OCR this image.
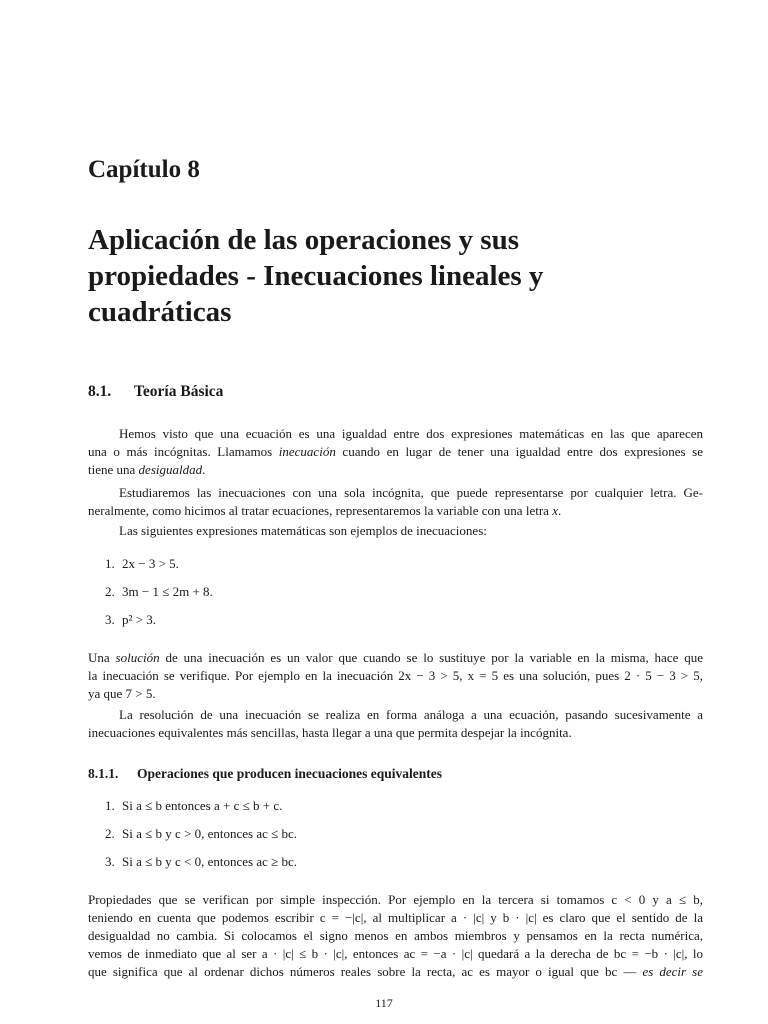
Capítulo 8
Aplicación de las operaciones y sus
propiedades - Inecuaciones lineales y
cuadráticas
8.1. Teoría Básica

Hemos visto que una ecuación es una igualdad entre dos expresiones matemáticas en las que aparecen
una o más incógnitas. Llamamos inecuación cuando en lugar de tener una igualdad entre dos expresiones se
tiene una desigualdad.

Estudiaremos las inecuaciones con una sola incógnita, que puede representarse por cualquier letra. Ge-
neralmente, como hicimos al tratar ecuaciones, representaremos la variable con una letra x.

Las siguientes expresiones matemáticas son ejemplos de inecuaciones:

1. 2x − 3 > 5.

2. 3m − 1 ≤ 2m + 8.

3. p² > 3.

Una solución de una inecuación es un valor que cuando se lo sustituye por la variable en la misma, hace que
la inecuación se verifique. Por ejemplo en la inecuación 2x − 3 > 5, x = 5 es una solución, pues 2 · 5 − 3 > 5,
ya que 7 > 5.

La resolución de una inecuación se realiza en forma análoga a una ecuación, pasando sucesivamente a
inecuaciones equivalentes más sencillas, hasta llegar a una que permita despejar la incógnita.

8.1.1. Operaciones que producen inecuaciones equivalentes

1. Si a ≤ b entonces a + c ≤ b + c.

2. Si a ≤ b y c > 0, entonces ac ≤ bc.

3. Si a ≤ b y c < 0, entonces ac ≥ bc.

Propiedades que se verifican por simple inspección. Por ejemplo en la tercera si tomamos c < 0 y a ≤ b,
teniendo en cuenta que podemos escribir c = −|c|, al multiplicar a · |c| y b · |c| es claro que el sentido de la
desigualdad no cambia. Si colocamos el signo menos en ambos miembros y pensamos en la recta numérica,
vemos de inmediato que al ser a · |c| ≤ b · |c|, entonces ac = −a · |c| quedará a la derecha de bc = −b · |c|, lo
que significa que al ordenar dichos números reales sobre la recta, ac es mayor o igual que bc — es decir se

117
